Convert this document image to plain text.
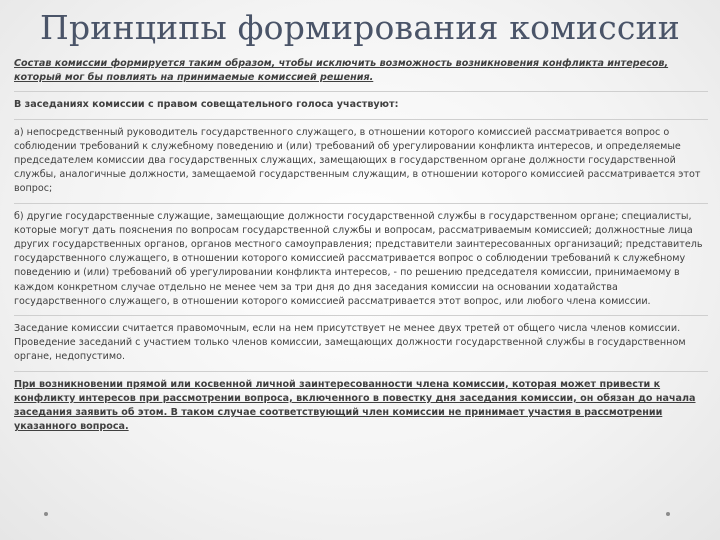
Принципы формирования комиссии

Состав комиссии формируется таким образом, чтобы исключить возможность возникновения конфликта интересов, который мог бы повлиять на принимаемые комиссией решения.

В заседаниях комиссии с правом совещательного голоса участвуют:

а) непосредственный руководитель государственного служащего, в отношении которого комиссией рассматривается вопрос о соблюдении требований к служебному поведению и (или) требований об урегулировании конфликта интересов, и определяемые председателем комиссии два государственных служащих, замещающих в государственном органе должности государственной службы, аналогичные должности, замещаемой государственным служащим, в отношении которого комиссией рассматривается этот вопрос;

б) другие государственные служащие, замещающие должности государственной службы в государственном органе; специалисты, которые могут дать пояснения по вопросам государственной службы и вопросам, рассматриваемым комиссией; должностные лица других государственных органов, органов местного самоуправления; представители заинтересованных организаций; представитель государственного служащего, в отношении которого комиссией рассматривается вопрос о соблюдении требований к служебному поведению и (или) требований об урегулировании конфликта интересов, - по решению председателя комиссии, принимаемому в каждом конкретном случае отдельно не менее чем за три дня до дня заседания комиссии на основании ходатайства государственного служащего, в отношении которого комиссией рассматривается этот вопрос, или любого члена комиссии.

Заседание комиссии считается правомочным, если на нем присутствует не менее двух третей от общего числа членов комиссии. Проведение заседаний с участием только членов комиссии, замещающих должности государственной службы в государственном органе, недопустимо.

При возникновении прямой или косвенной личной заинтересованности члена комиссии, которая может привести к конфликту интересов при рассмотрении вопроса, включенного в повестку дня заседания комиссии, он обязан до начала заседания заявить об этом. В таком случае соответствующий член комиссии не принимает участия в рассмотрении указанного вопроса.
